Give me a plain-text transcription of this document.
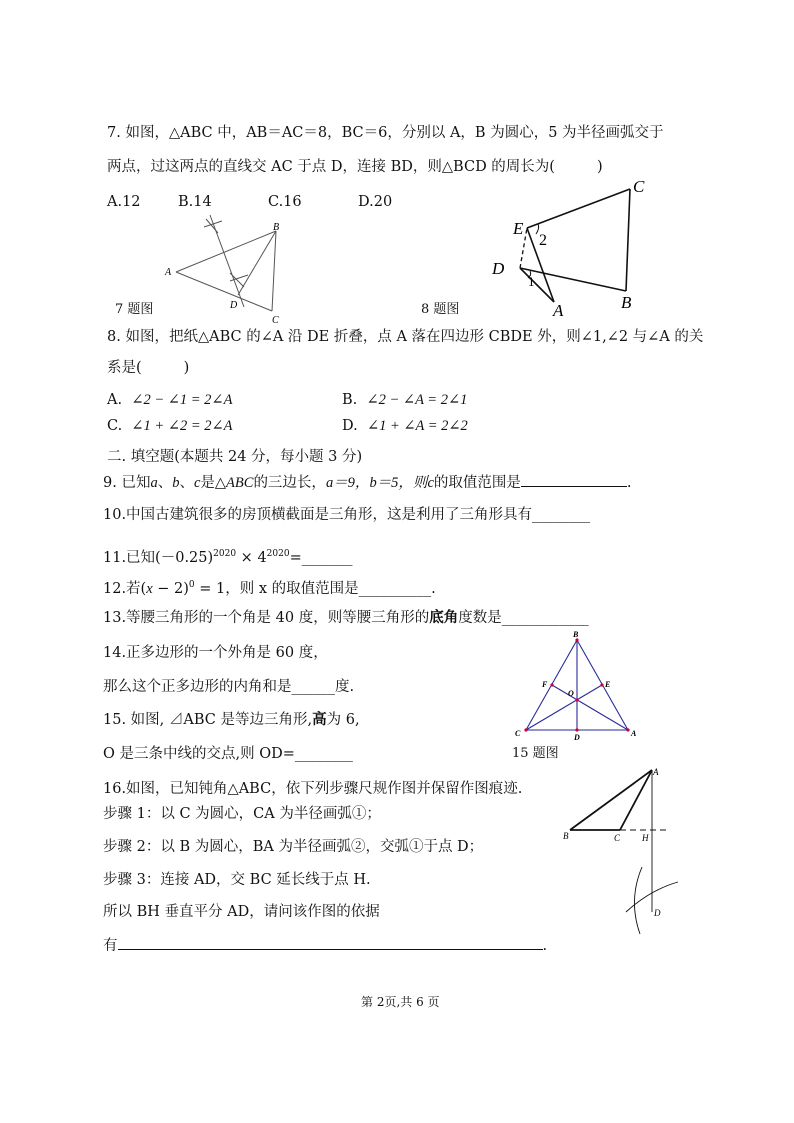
7. 如图，△ABC 中，AB＝AC＝8，BC＝6，分别以 A，B 为圆心，5 为半径画弧交于
两点，过这两点的直线交 AC 于点 D，连接 BD，则△BCD 的周长为(	)
A.12	B.14	C.16	D.20
A
B
C
D
7 题图
C
E
2
D
1
A	B
8 题图
8. 如图，把纸△ABC 的∠A 沿 DE 折叠，点 A 落在四边形 CBDE 外，则∠1,∠2 与∠A 的关
系是(	)
A. ∠2 − ∠1 = 2∠A	B. ∠2 − ∠A = 2∠1
C. ∠1 + ∠2 = 2∠A	D. ∠1 + ∠A = 2∠2
二. 填空题(本题共 24 分，每小题 3 分)
9. 已知a、b、c是△ABC的三边长，a＝9，b＝5，则c的取值范围是	.
10.中国古建筑很多的房顶横截面是三角形，这是利用了三角形具有________
11.已知$(-0.25)^{2020}$ × $4^{2020}=\_\_\_\_\_\_\_$
12.若$(x - 2)^0 = 1$，则 x 的取值范围是__________.
13.等腰三角形的一个角是 40 度，则等腰三角形的底角度数是____________
14.正多边形的一个外角是 60 度，
那么这个正多边形的内角和是______度.
15. 如图, ⊿ABC 是等边三角形,高为 6,
O 是三条中线的交点,则 OD=________
B
F
O
E
C	D	A
15 题图
16.如图，已知钝角△ABC，依下列步骤尺规作图并保留作图痕迹.
步骤 1：以 C 为圆心，CA 为半径画弧①；
步骤 2：以 B 为圆心，BA 为半径画弧②，交弧①于点 D；
步骤 3：连接 AD，交 BC 延长线于点 H.
所以 BH 垂直平分 AD，请问该作图的依据
有	.
A
B	C H
D
第 2页,共 6 页
